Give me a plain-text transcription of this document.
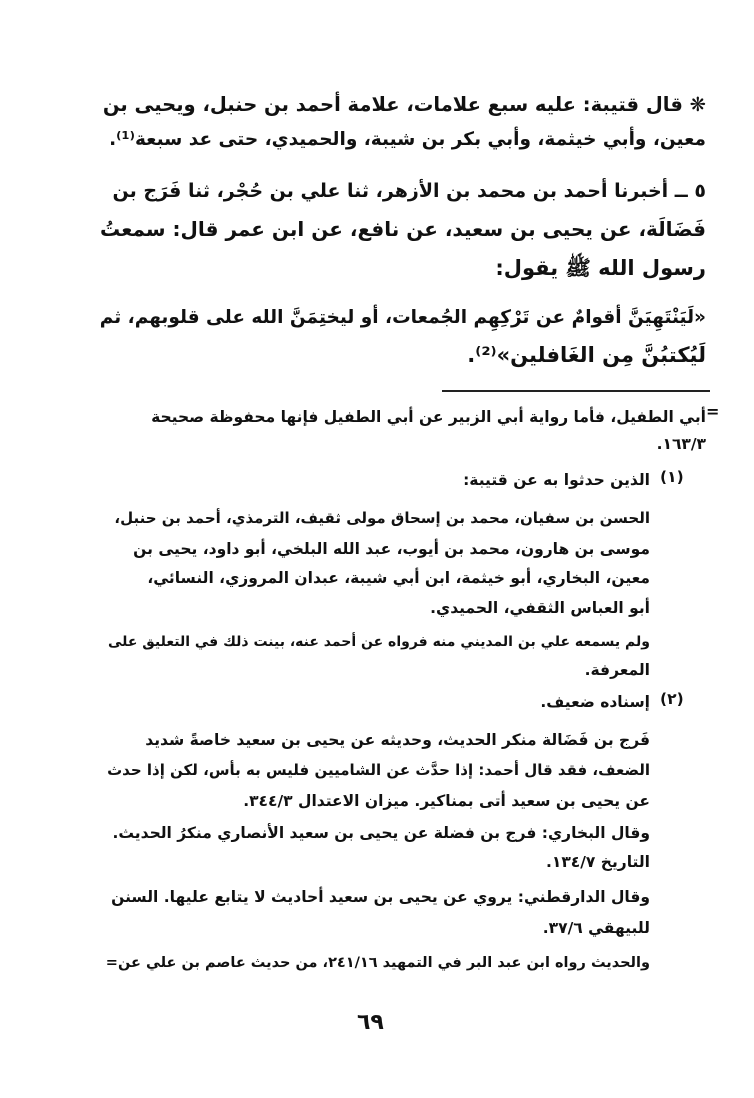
❋ قال قتيبة: عليه سبع علامات، علامة أحمد بن حنبل، ويحيى بن
معين، وأبي خيثمة، وأبي بكر بن شيبة، والحميدي، حتى عد سبعة⁽¹⁾.
٥ ــ أخبرنا أحمد بن محمد بن الأزهر، ثنا علي بن حُجْر، ثنا فَرَج بن
فَضَالَة، عن يحيى بن سعيد، عن نافع، عن ابن عمر قال: سمعتُ
رسول الله ﷺ يقول:
«لَيَنْتَهِيَنَّ أقوامٌ عن تَرْكِهِم الجُمعات، أو ليختِمَنَّ الله على قلوبهم، ثم
لَيُكتبُنَّ مِن الغَافلين»⁽²⁾.
=
أبي الطفيل، فأما رواية أبي الزبير عن أبي الطفيل فإنها محفوظة صحيحة
١٦٣/٣.
(١)
الذين حدثوا به عن قتيبة:
الحسن بن سفيان، محمد بن إسحاق مولى ثقيف، الترمذي، أحمد بن حنبل،
موسى بن هارون، محمد بن أيوب، عبد الله البلخي، أبو داود، يحيى بن
معين، البخاري، أبو خيثمة، ابن أبي شيبة، عبدان المروزي، النسائي،
أبو العباس الثقفي، الحميدي.
ولم يسمعه علي بن المديني منه فرواه عن أحمد عنه، بينت ذلك في التعليق على
المعرفة.
(٢)
إسناده ضعيف.
فَرج بن فَضَالة منكر الحديث، وحديثه عن يحيى بن سعيد خاصةً شديد
الضعف، فقد قال أحمد: إذا حدَّث عن الشاميين فليس به بأس، لكن إذا حدث
عن يحيى بن سعيد أتى بمناكير. ميزان الاعتدال ٣٤٤/٣.
وقال البخاري: فرج بن فضلة عن يحيى بن سعيد الأنصاري منكرُ الحديث.
التاريخ ١٣٤/٧.
وقال الدارقطني: يروي عن يحيى بن سعيد أحاديث لا يتابع عليها. السنن
للبيهقي ٣٧/٦.
والحديث رواه ابن عبد البر في التمهيد ٢٤١/١٦، من حديث عاصم بن علي عن=
٦٩
